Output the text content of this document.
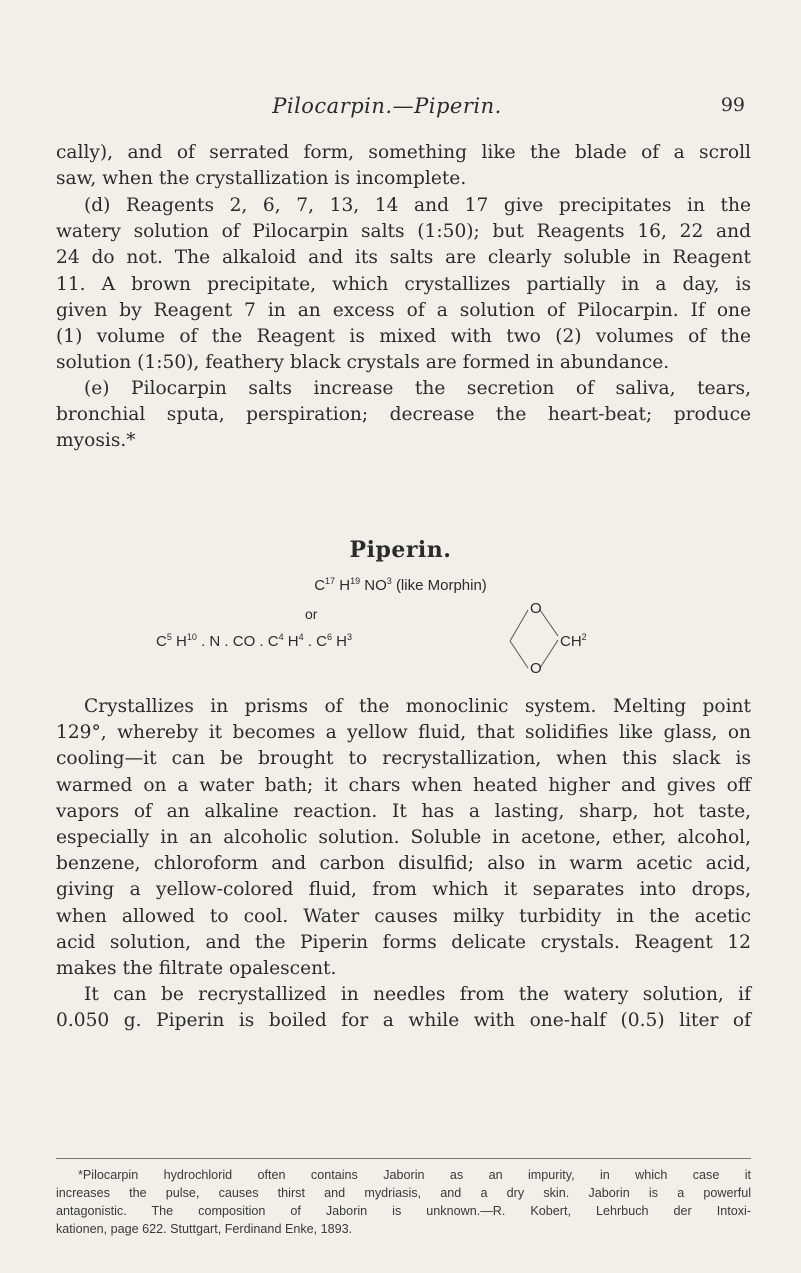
Pilocarpin.—Piperin.	99

cally), and of serrated form, something like the blade of a scroll
saw, when the crystallization is incomplete.

(d) Reagents 2, 6, 7, 13, 14 and 17 give precipitates in the
watery solution of Pilocarpin salts (1:50); but Reagents 16, 22 and
24 do not. The alkaloid and its salts are clearly soluble in Reagent
11. A brown precipitate, which crystallizes partially in a day, is
given by Reagent 7 in an excess of a solution of Pilocarpin. If one
(1) volume of the Reagent is mixed with two (2) volumes of the
solution (1:50), feathery black crystals are formed in abundance.

(e) Pilocarpin salts increase the secretion of saliva, tears,
bronchial sputa, perspiration; decrease the heart-beat; produce
myosis.*

Piperin.
$C^{17}$ $H^{19}$ $NO^3$ (like Morphin)
or
$C^5$ $H^{10}$ . N . CO . $C^4$ $H^4$ . $C^6$ $H^3$
O
O
$CH^2$

Crystallizes in prisms of the monoclinic system. Melting point
129°, whereby it becomes a yellow fluid, that solidifies like glass, on
cooling—it can be brought to recrystallization, when this slack is
warmed on a water bath; it chars when heated higher and gives off
vapors of an alkaline reaction. It has a lasting, sharp, hot taste,
especially in an alcoholic solution. Soluble in acetone, ether, alcohol,
benzene, chloroform and carbon disulfid; also in warm acetic acid,
giving a yellow-colored fluid, from which it separates into drops,
when allowed to cool. Water causes milky turbidity in the acetic
acid solution, and the Piperin forms delicate crystals. Reagent 12
makes the filtrate opalescent.

It can be recrystallized in needles from the watery solution, if
0.050 g. Piperin is boiled for a while with one-half (0.5) liter of

*Pilocarpin hydrochlorid often contains Jaborin as an impurity, in which case it
increases the pulse, causes thirst and mydriasis, and a dry skin. Jaborin is a powerful
antagonistic. The composition of Jaborin is unknown.—R. Kobert, Lehrbuch der Intoxi-
kationen, page 622. Stuttgart, Ferdinand Enke, 1893.
